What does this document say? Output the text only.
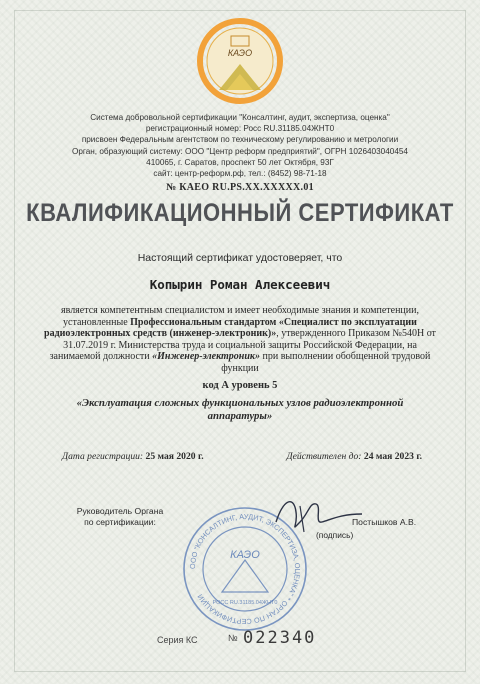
КАЭО
Система добровольной сертификации "Консалтинг, аудит, экспертиза, оценка"
регистрационный номер: Росс RU.31185.04ЖНТ0
присвоен Федеральным агентством по техническому регулированию и метрологии
Орган, образующий систему: ООО "Центр реформ предприятий", ОГРН 1026403040454
410065, г. Саратов, проспект 50 лет Октября, 93Г
сайт: центр-реформ.рф, тел.: (8452) 98-71-18
№ КАЕО RU.PS.XX.XXXXX.01
КВАЛИФИКАЦИОННЫЙ СЕРТИФИКАТ
Настоящий сертификат удостоверяет, что
Копырин Роман Алексеевич
является компетентным специалистом и имеет необходимые знания и компетенции, установленные Профессиональным стандартом «Специалист по эксплуатации радиоэлектронных средств (инженер-электроник)», утвержденного Приказом №540Н от 31.07.2019 г. Министерства труда и социальной защиты Российской Федерации, на занимаемой должности «Инженер-электроник» при выполнении обобщенной трудовой функции
код А уровень 5
«Эксплуатация сложных функциональных узлов радиоэлектронной аппаратуры»
Дата регистрации: 25 мая 2020 г.	Действителен до: 24 мая 2023 г.
Руководитель Органа
по сертификации:
ООО "КОНСАЛТИНГ, АУДИТ, ЭКСПЕРТИЗА, ОЦЕНКА" * ОРГАН ПО СЕРТИФИКАЦИИ
КАЭО
РОСС RU.31185.04ЖНТ0
Постышков А.В.
(подпись)
Серия КС	№ 022340
